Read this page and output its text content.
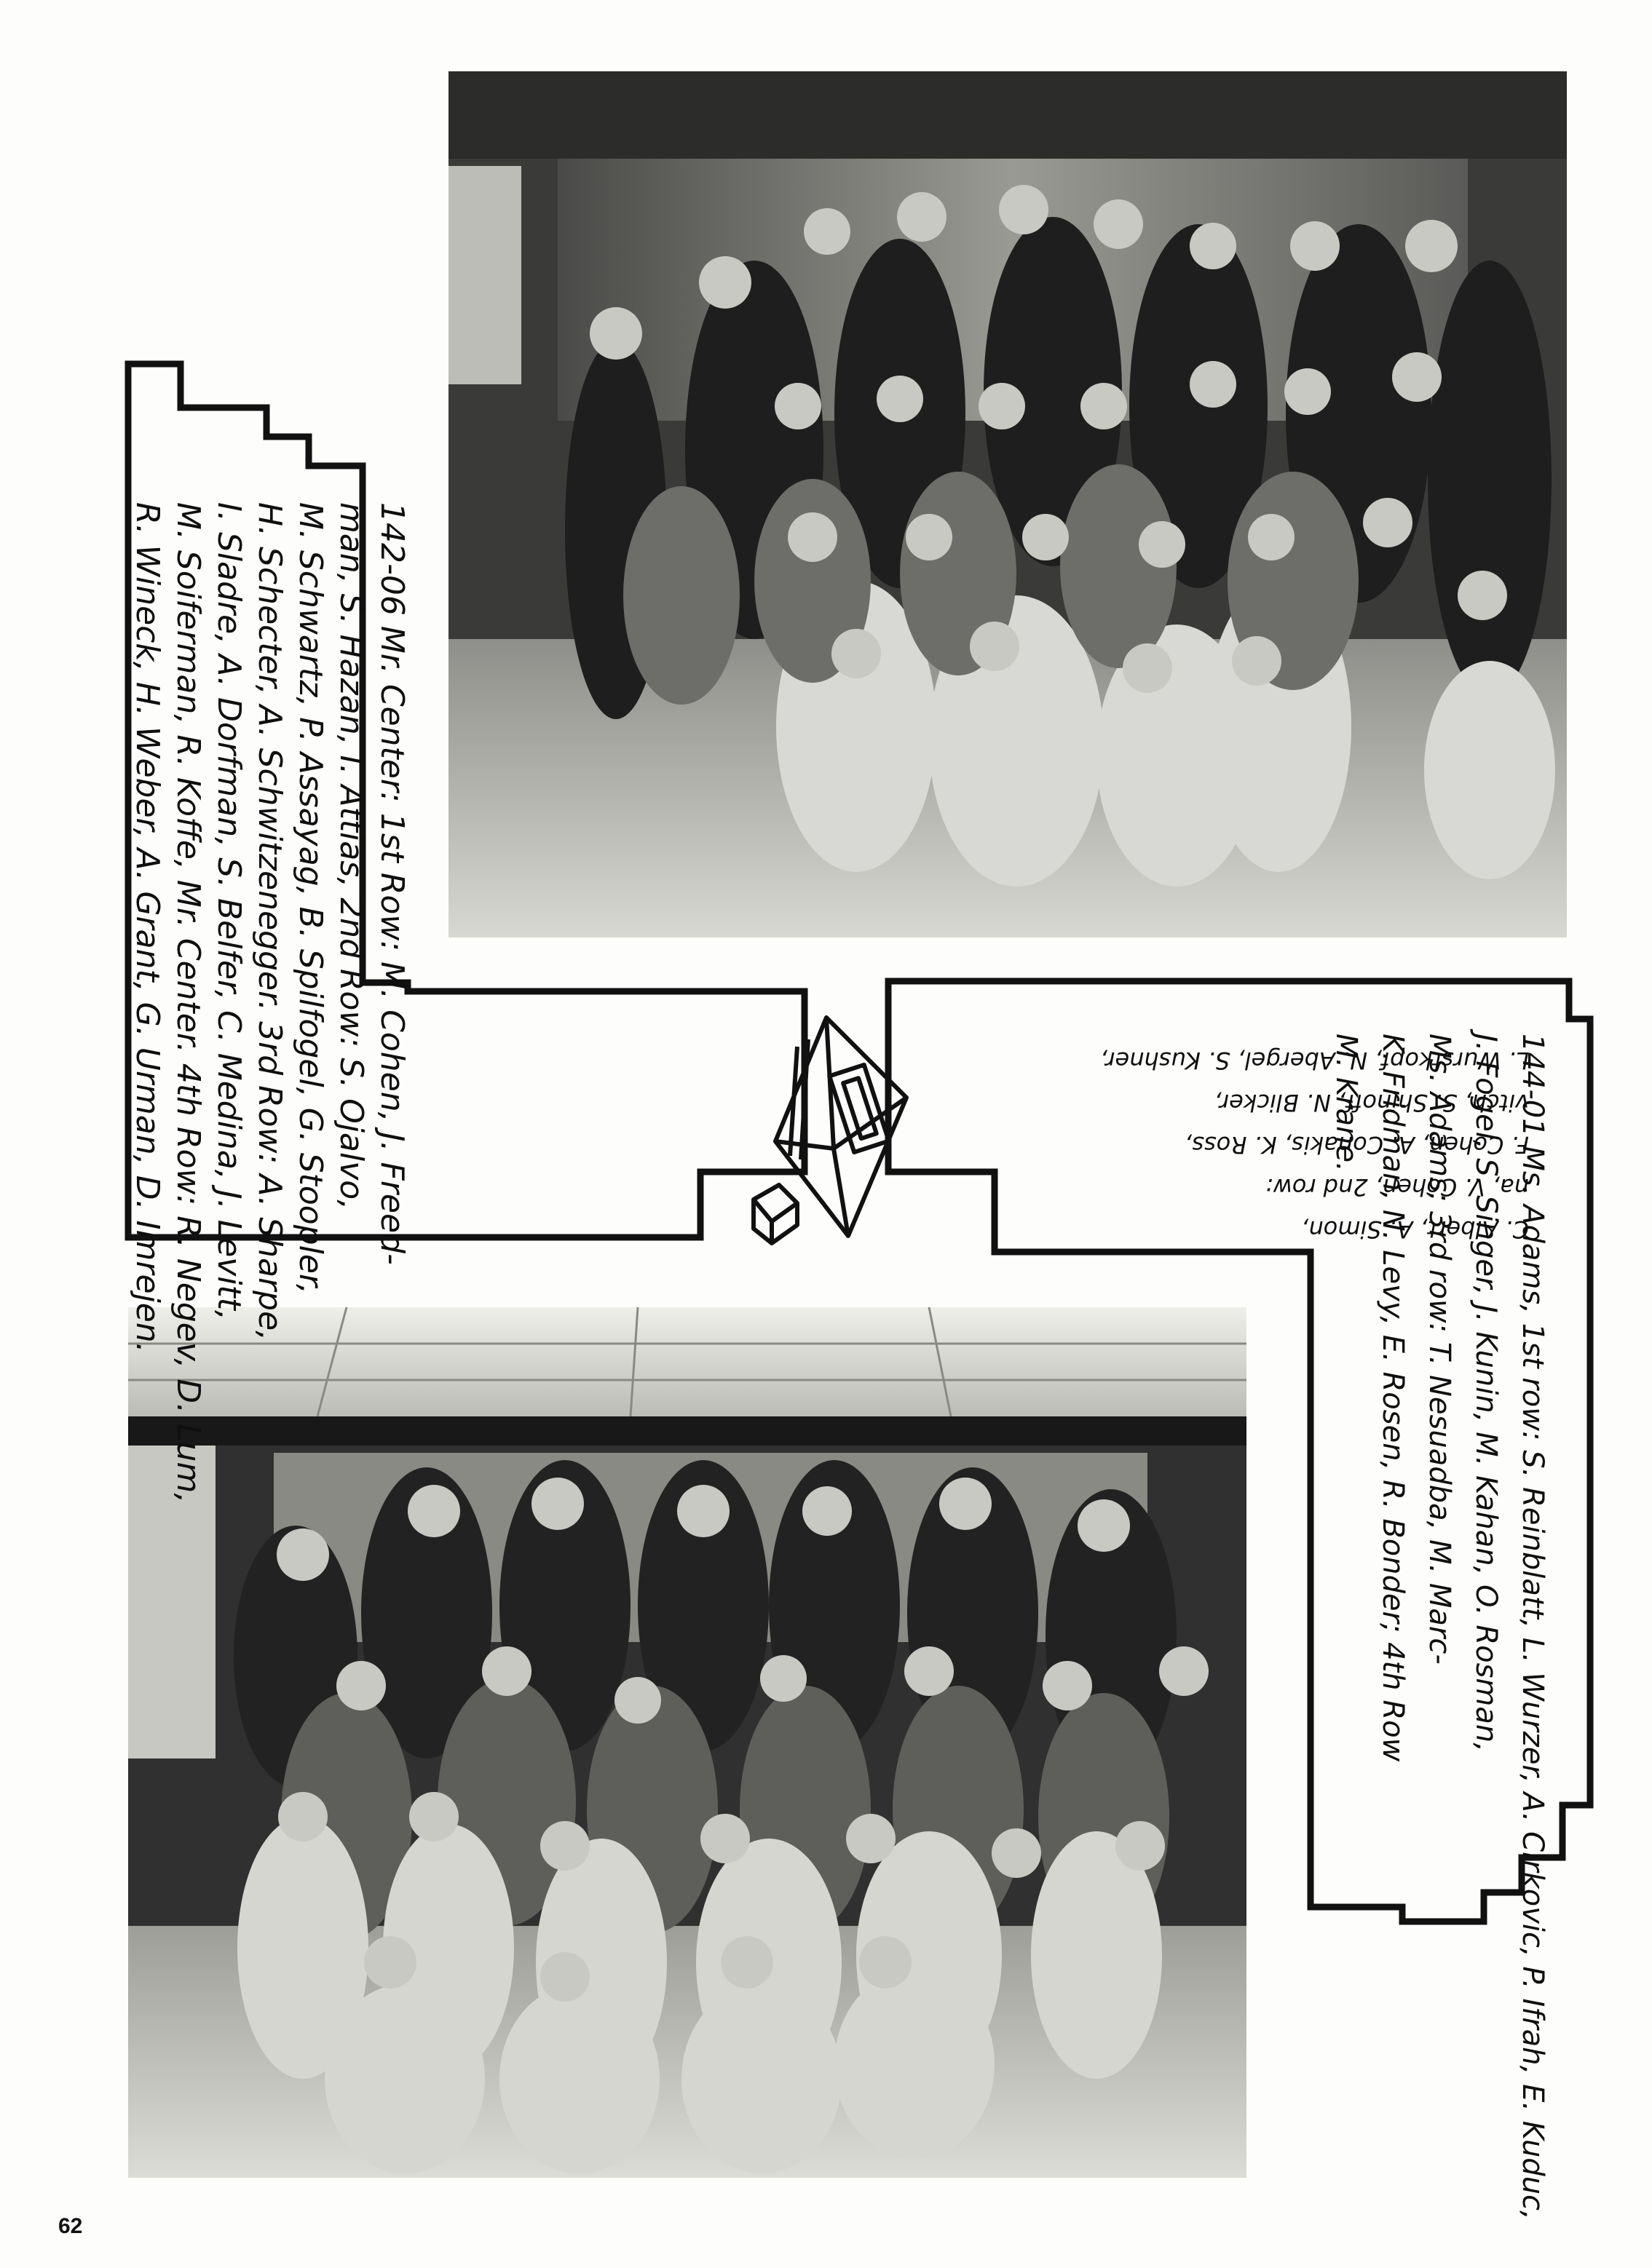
142-06 Mr. Center: 1st Row: M. Cohen, J. Freed-
man, S. Hazan, I. Attias, 2nd Row: S. Ojalvo,
M. Schwartz, P. Assayag, B. Spilfogel, G. Stoopler,
H. Schecter, A. Schwitzenegger. 3rd Row: A. Sharpe,
I. Sladre, A. Dorfman, S. Belfer, C. Medina, J. Levitt,
M. Soiferman, R. Koffe, Mr. Center. 4th Row: R. Negev, D. Lum,
R. Wineck, H. Weber, A. Grant, G. Urman, D. Imrejen.
144-01 Ms. Adams, 1st row: S. Reinblatt, L. Wurzer, A. Cirkovic, P. Ifrah, E. Kuduc,
J. Fogel, S. Singer, J. Kunin, M. Kahan, O. Rosman,
Ms. Adams; 3rd row: T. Nesuadba, M. Marc-
K. Fridman, N. Levy, E. Rosen, R. Bonder; 4th Row
M. Krane.
C. Albert, A. Simon,
na, V. Cohen, 2nd row:
F. Cohen, A. Conakis, K. Ross,
vitch, S. Shinoff, N. Blicker,
L. Wurstkopf, N. Abergel, S. Kushner,
62
